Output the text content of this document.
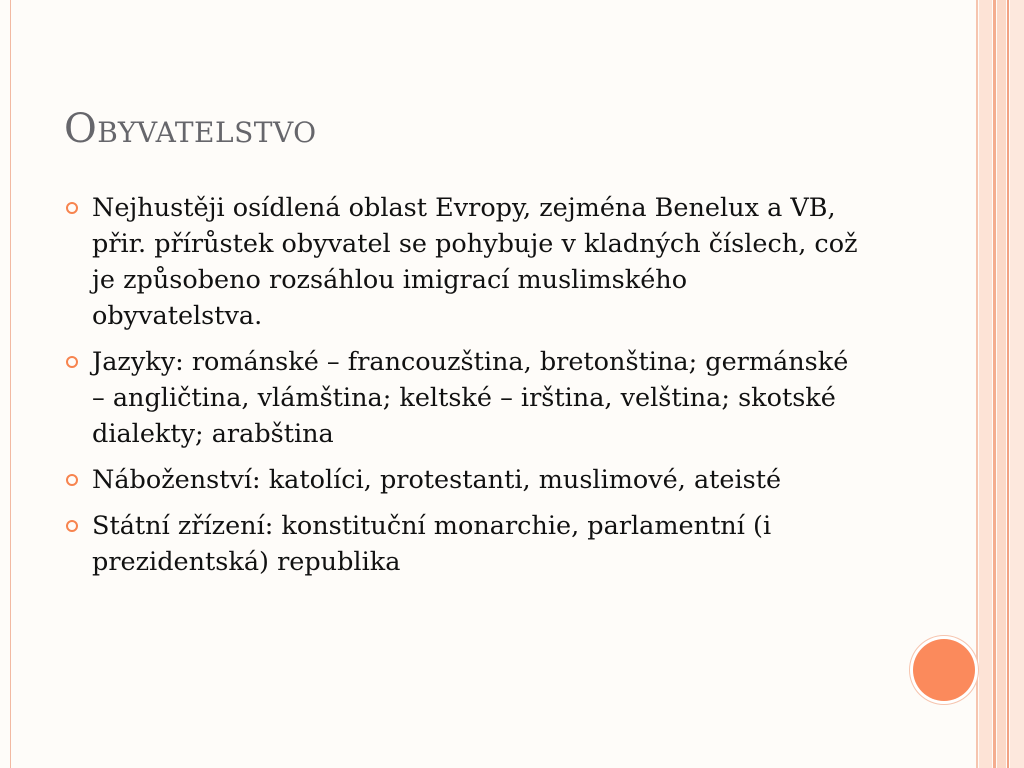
Obyvatelstvo
Nejhustěji osídlená oblast Evropy, zejména Benelux a VB, přir. přírůstek obyvatel se pohybuje v kladných číslech, což je způsobeno rozsáhlou imigrací muslimského obyvatelstva.
Jazyky: románské – francouzština, bretonština; germánské – angličtina, vlámština; keltské – irština, velština; skotské dialekty; arabština
Náboženství: katolíci, protestanti, muslimové, ateisté
Státní zřízení: konstituční monarchie, parlamentní (i prezidentská) republika
